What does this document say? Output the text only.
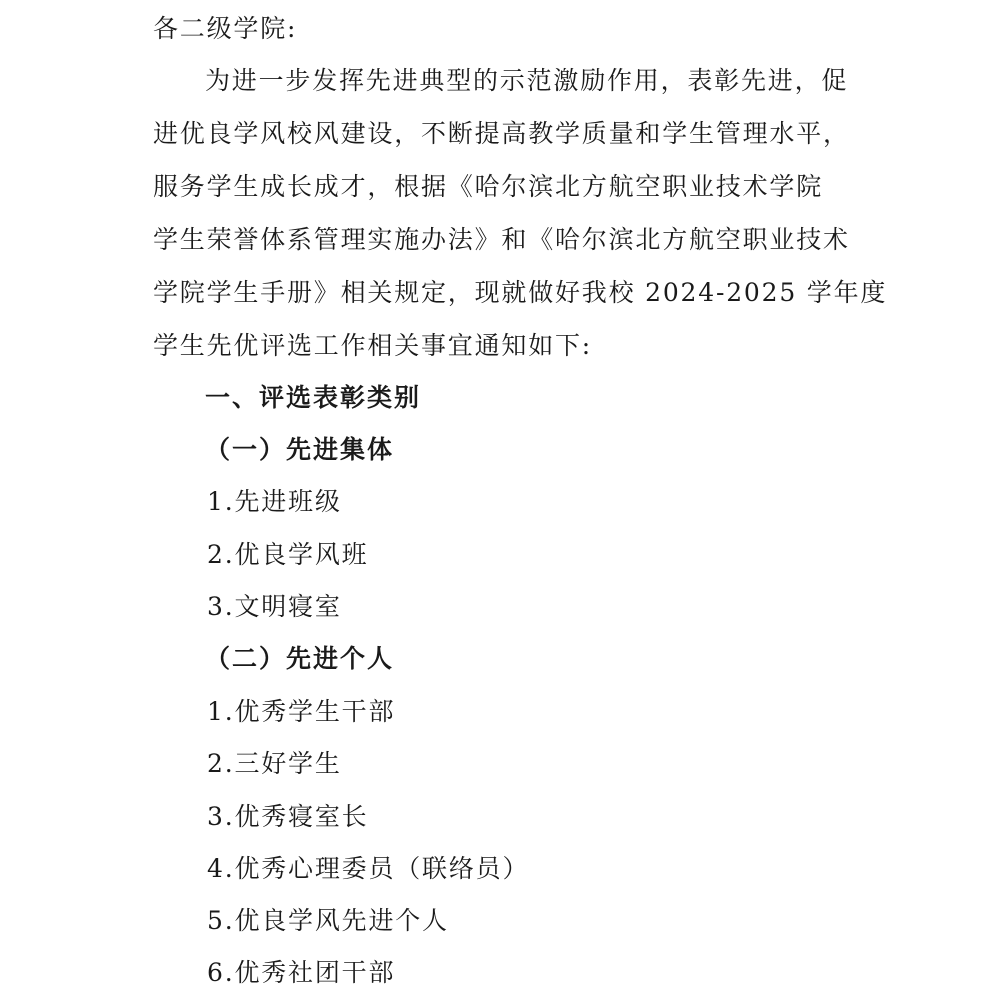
各二级学院:
为进一步发挥先进典型的示范激励作用，表彰先进，促
进优良学风校风建设，不断提高教学质量和学生管理水平，
服务学生成长成才，根据《哈尔滨北方航空职业技术学院
学生荣誉体系管理实施办法》和《哈尔滨北方航空职业技术
学院学生手册》相关规定，现就做好我校 2024-2025 学年度
学生先优评选工作相关事宜通知如下:
一、评选表彰类别
（一）先进集体
1.先进班级
2.优良学风班
3.文明寝室
（二）先进个人
1.优秀学生干部
2.三好学生
3.优秀寝室长
4.优秀心理委员（联络员）
5.优良学风先进个人
6.优秀社团干部
